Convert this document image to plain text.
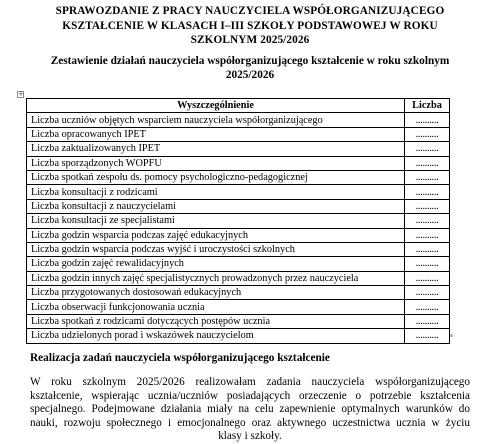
SPRAWOZDANIE Z PRACY NAUCZYCIELA WSPÓŁORGANIZUJĄCEGO
KSZTAŁCENIE W KLASACH I–III SZKOŁY PODSTAWOWEJ W ROKU
SZKOLNYM 2025/2026
Zestawienie działań nauczyciela współorganizującego kształcenie w roku szkolnym
2025/2026
+
Wyszczególnienie	Liczba
Liczba uczniów objętych wsparciem nauczyciela współorganizującego	..........
Liczba opracowanych IPET	..........
Liczba zaktualizowanych IPET	..........
Liczba sporządzonych WOPFU	..........
Liczba spotkań zespołu ds. pomocy psychologiczno-pedagogicznej	..........
Liczba konsultacji z rodzicami	..........
Liczba konsultacji z nauczycielami	..........
Liczba konsultacji ze specjalistami	..........
Liczba godzin wsparcia podczas zajęć edukacyjnych	..........
Liczba godzin wsparcia podczas wyjść i uroczystości szkolnych	..........
Liczba godzin zajęć rewalidacyjnych	..........
Liczba godzin innych zajęć specjalistycznych prowadzonych przez nauczyciela	..........
Liczba przygotowanych dostosowań edukacyjnych	..........
Liczba obserwacji funkcjonowania ucznia	..........
Liczba spotkań z rodzicami dotyczących postępów ucznia	..........
Liczba udzielonych porad i wskazówek nauczycielom	..........
Realizacja zadań nauczyciela współorganizującego kształcenie
W roku szkolnym 2025/2026 realizowałam zadania nauczyciela współorganizującego
kształcenie, wspierając ucznia/uczniów posiadających orzeczenie o potrzebie kształcenia
specjalnego. Podejmowane działania miały na celu zapewnienie optymalnych warunków do
nauki, rozwoju społecznego i emocjonalnego oraz aktywnego uczestnictwa ucznia w życiu
klasy i szkoły.
